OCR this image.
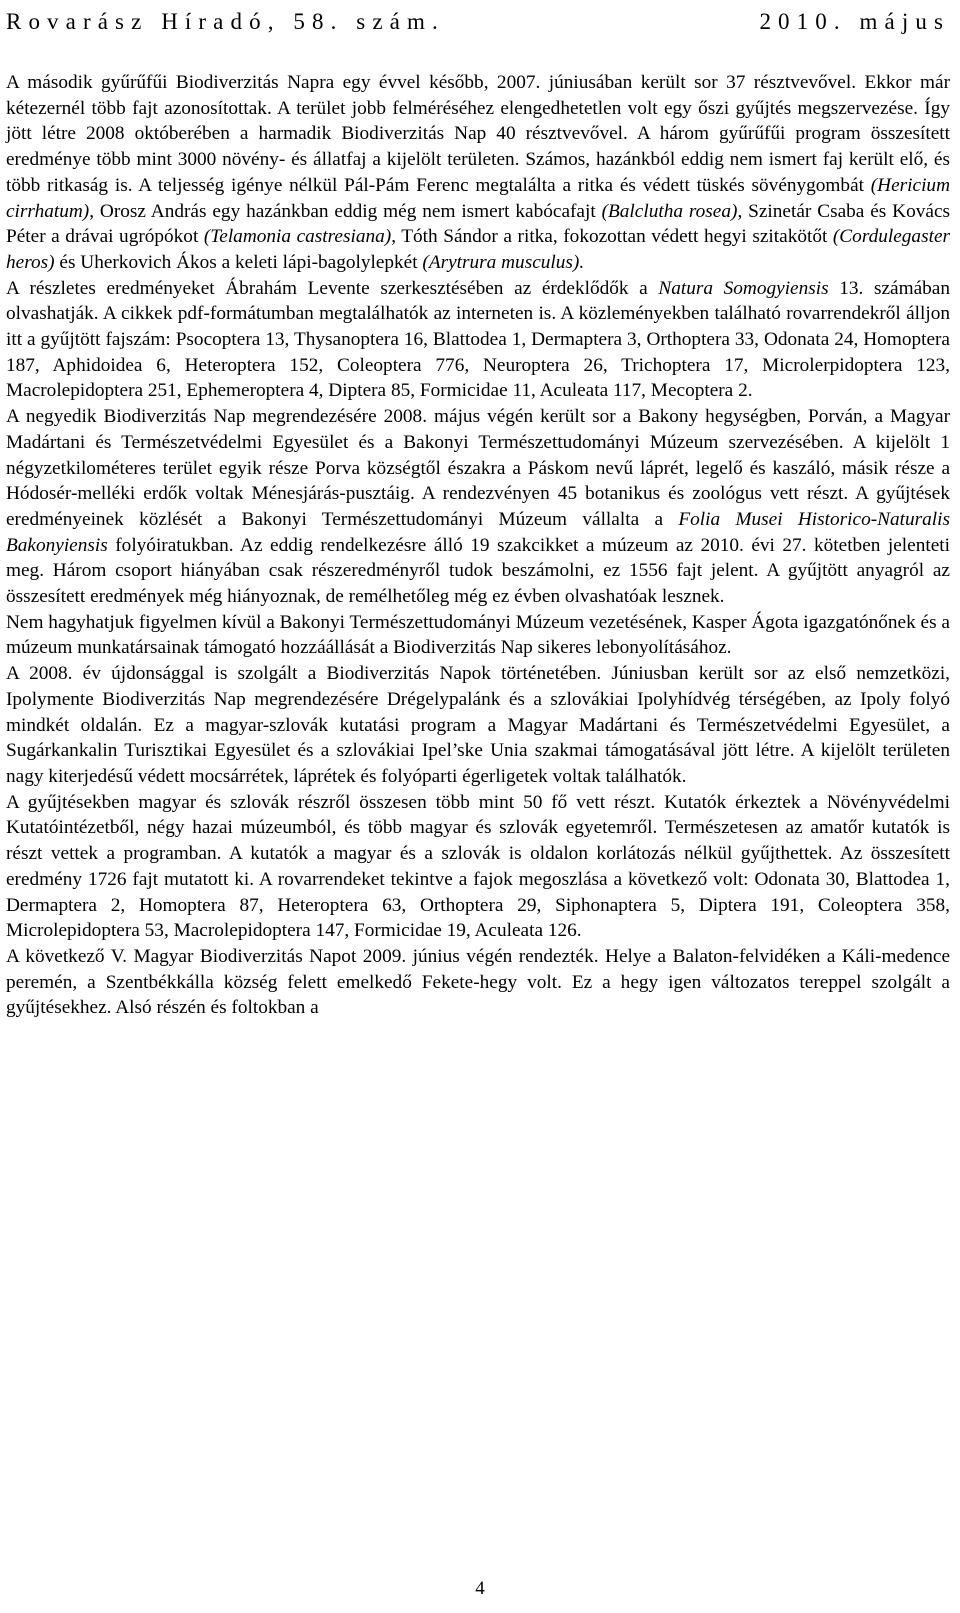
Rovarász Híradó, 58. szám.	2010. május

A második gyűrűfűi Biodiverzitás Napra egy évvel később, 2007. júniusában került sor 37 résztvevővel. Ekkor már kétezernél több fajt azonosítottak. A terület jobb felméréséhez elengedhetetlen volt egy őszi gyűjtés megszervezése. Így jött létre 2008 októberében a harmadik Biodiverzitás Nap 40 résztvevővel. A három gyűrűfűi program összesített eredménye több mint 3000 növény- és állatfaj a kijelölt területen. Számos, hazánkból eddig nem ismert faj került elő, és több ritkaság is. A teljesség igénye nélkül Pál-Pám Ferenc megtalálta a ritka és védett tüskés sövénygombát (Hericium cirrhatum), Orosz András egy hazánkban eddig még nem ismert kabócafajt (Balclutha rosea), Szinetár Csaba és Kovács Péter a drávai ugrópókot (Telamonia castresiana), Tóth Sándor a ritka, fokozottan védett hegyi szitakötőt (Cordulegaster heros) és Uherkovich Ákos a keleti lápi-bagolylepkét (Arytrura musculus).

A részletes eredményeket Ábrahám Levente szerkesztésében az érdeklődők a Natura Somogyiensis 13. számában olvashatják. A cikkek pdf-formátumban megtalálhatók az interneten is. A közleményekben található rovarrendekről álljon itt a gyűjtött fajszám: Psocoptera 13, Thysanoptera 16, Blattodea 1, Dermaptera 3, Orthoptera 33, Odonata 24, Homoptera 187, Aphidoidea 6, Heteroptera 152, Coleoptera 776, Neuroptera 26, Trichoptera 17, Microlerpidoptera 123, Macrolepidoptera 251, Ephemeroptera 4, Diptera 85, Formicidae 11, Aculeata 117, Mecoptera 2.

A negyedik Biodiverzitás Nap megrendezésére 2008. május végén került sor a Bakony hegységben, Porván, a Magyar Madártani és Természetvédelmi Egyesület és a Bakonyi Természettudományi Múzeum szervezésében. A kijelölt 1 négyzetkilométeres terület egyik része Porva községtől északra a Páskom nevű láprét, legelő és kaszáló, másik része a Hódosér-melléki erdők voltak Ménesjárás-pusztáig. A rendezvényen 45 botanikus és zoológus vett részt. A gyűjtések eredményeinek közlését a Bakonyi Természettudományi Múzeum vállalta a Folia Musei Historico-Naturalis Bakonyiensis folyóiratukban. Az eddig rendelkezésre álló 19 szakcikket a múzeum az 2010. évi 27. kötetben jelenteti meg. Három csoport hiányában csak részeredményről tudok beszámolni, ez 1556 fajt jelent. A gyűjtött anyagról az összesített eredmények még hiányoznak, de remélhetőleg még ez évben olvashatóak lesznek.

Nem hagyhatjuk figyelmen kívül a Bakonyi Természettudományi Múzeum vezetésének, Kasper Ágota igazgatónőnek és a múzeum munkatársainak támogató hozzáállását a Biodiverzitás Nap sikeres lebonyolításához.

A 2008. év újdonsággal is szolgált a Biodiverzitás Napok történetében. Júniusban került sor az első nemzetközi, Ipolymente Biodiverzitás Nap megrendezésére Drégelypalánk és a szlovákiai Ipolyhídvég térségében, az Ipoly folyó mindkét oldalán. Ez a magyar-szlovák kutatási program a Magyar Madártani és Természetvédelmi Egyesület, a Sugárkankalin Turisztikai Egyesület és a szlovákiai Ipel’ske Unia szakmai támogatásával jött létre. A kijelölt területen nagy kiterjedésű védett mocsárrétek, láprétek és folyóparti égerligetek voltak találhatók.

A gyűjtésekben magyar és szlovák részről összesen több mint 50 fő vett részt. Kutatók érkeztek a Növényvédelmi Kutatóintézetből, négy hazai múzeumból, és több magyar és szlovák egyetemről. Természetesen az amatőr kutatók is részt vettek a programban. A kutatók a magyar és a szlovák is oldalon korlátozás nélkül gyűjthettek. Az összesített eredmény 1726 fajt mutatott ki. A rovarrendeket tekintve a fajok megoszlása a következő volt: Odonata 30, Blattodea 1, Dermaptera 2, Homoptera 87, Heteroptera 63, Orthoptera 29, Siphonaptera 5, Diptera 191, Coleoptera 358, Microlepidoptera 53, Macrolepidoptera 147, Formicidae 19, Aculeata 126.

A következő V. Magyar Biodiverzitás Napot 2009. június végén rendezték. Helye a Balaton-felvidéken a Káli-medence peremén, a Szentbékkálla község felett emelkedő Fekete-hegy volt. Ez a hegy igen változatos tereppel szolgált a gyűjtésekhez. Alsó részén és foltokban a

4
